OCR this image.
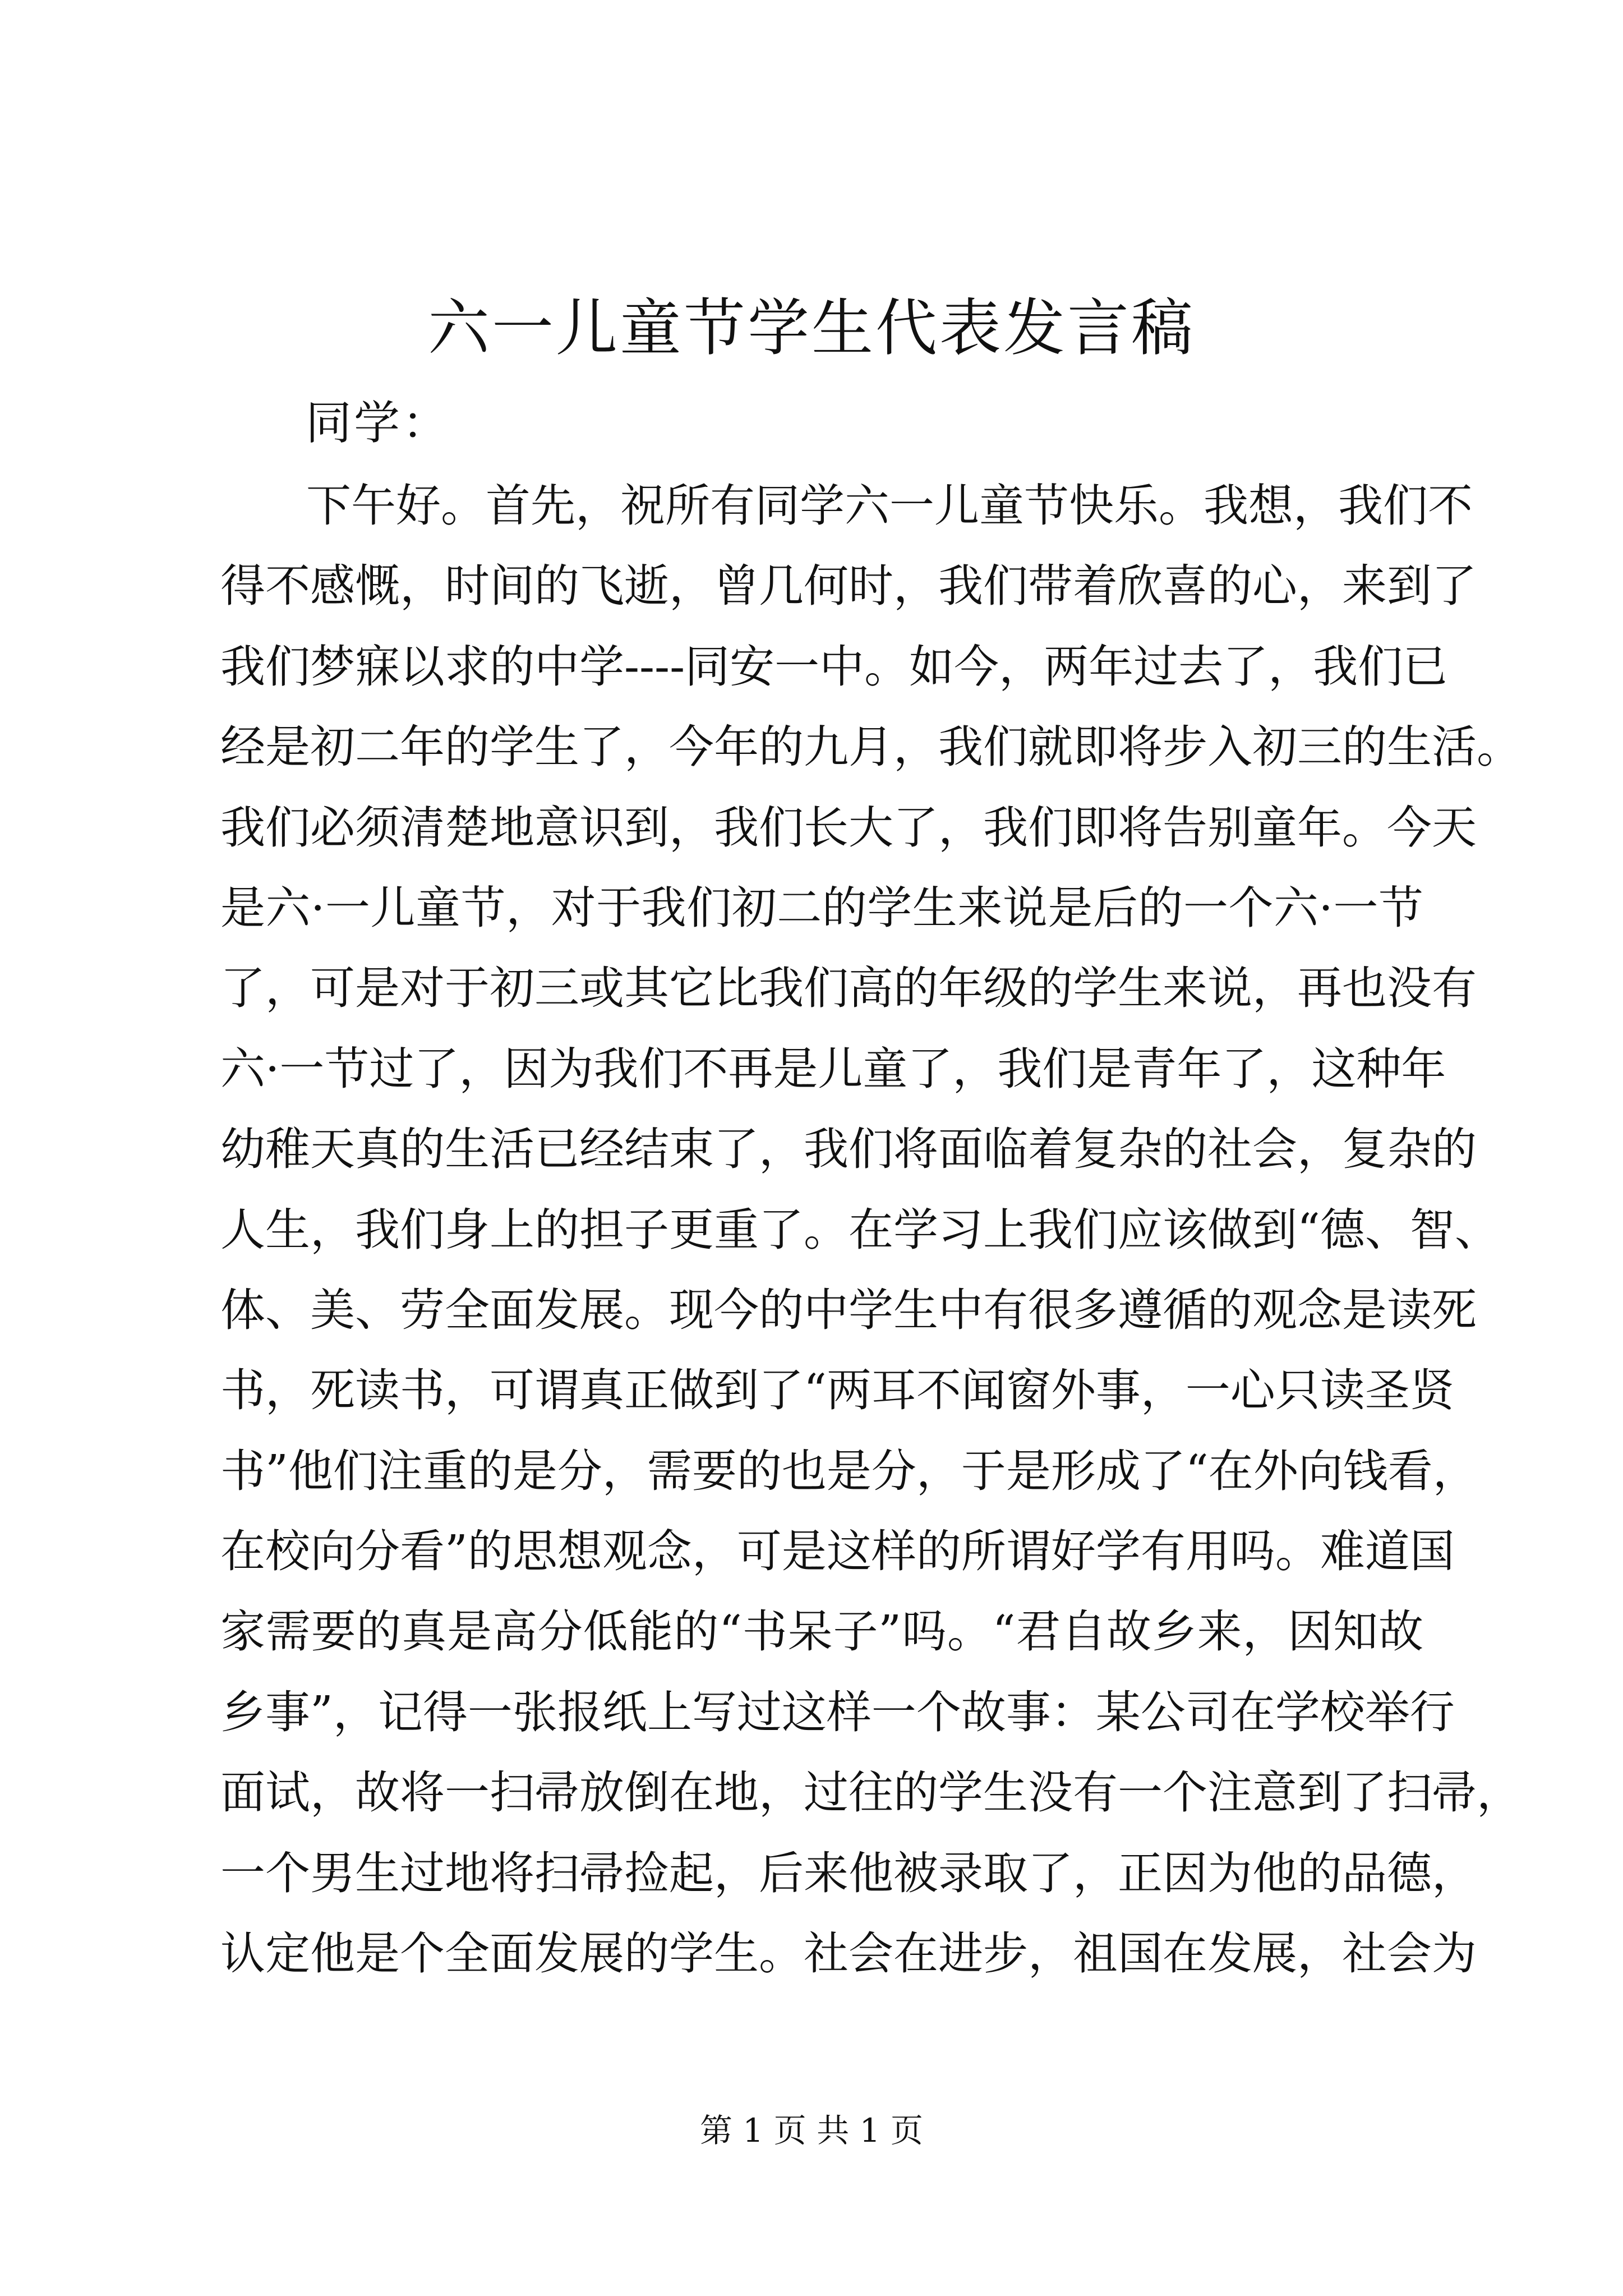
六一儿童节学生代表发言稿
同学：
下午好。首先，祝所有同学六一儿童节快乐。我想，我们不
得不感慨，时间的飞逝，曾几何时，我们带着欣喜的心，来到了
我们梦寐以求的中学----同安一中。如今，两年过去了，我们已
经是初二年的学生了，今年的九月，我们就即将步入初三的生活。
我们必须清楚地意识到，我们长大了，我们即将告别童年。今天
是六·一儿童节，对于我们初二的学生来说是后的一个六·一节
了，可是对于初三或其它比我们高的年级的学生来说，再也没有
六·一节过了，因为我们不再是儿童了，我们是青年了，这种年
幼稚天真的生活已经结束了，我们将面临着复杂的社会，复杂的
人生，我们身上的担子更重了。在学习上我们应该做到“德、智、
体、美、劳全面发展。现今的中学生中有很多遵循的观念是读死
书，死读书，可谓真正做到了“两耳不闻窗外事，一心只读圣贤
书”他们注重的是分，需要的也是分，于是形成了“在外向钱看，
在校向分看”的思想观念，可是这样的所谓好学有用吗。难道国
家需要的真是高分低能的“书呆子”吗。“君自故乡来，因知故
乡事”，记得一张报纸上写过这样一个故事：某公司在学校举行
面试，故将一扫帚放倒在地，过往的学生没有一个注意到了扫帚，
一个男生过地将扫帚捡起，后来他被录取了，正因为他的品德，
认定他是个全面发展的学生。社会在进步，祖国在发展，社会为
第 1 页 共 1 页
